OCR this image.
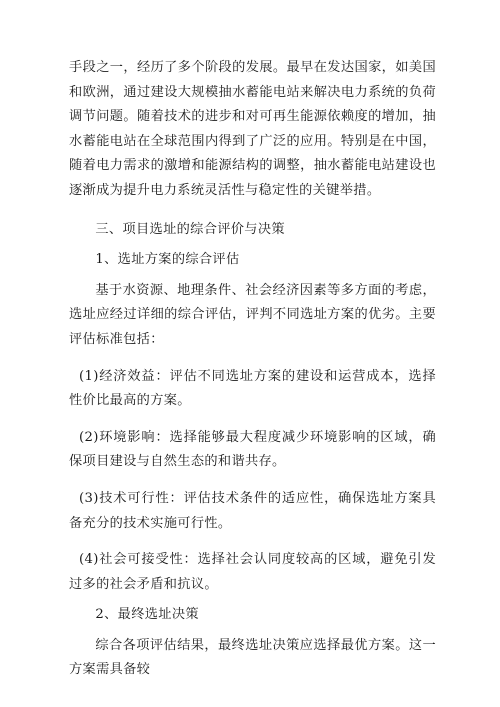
手段之一，经历了多个阶段的发展。最早在发达国家，如美国和欧洲，通过建设大规模抽水蓄能电站来解决电力系统的负荷调节问题。随着技术的进步和对可再生能源依赖度的增加，抽水蓄能电站在全球范围内得到了广泛的应用。特别是在中国，随着电力需求的激增和能源结构的调整，抽水蓄能电站建设也逐渐成为提升电力系统灵活性与稳定性的关键举措。

三、项目选址的综合评价与决策

1、选址方案的综合评估

基于水资源、地理条件、社会经济因素等多方面的考虑，选址应经过详细的综合评估，评判不同选址方案的优劣。主要评估标准包括：

(1)经济效益：评估不同选址方案的建设和运营成本，选择性价比最高的方案。

(2)环境影响：选择能够最大程度减少环境影响的区域，确保项目建设与自然生态的和谐共存。

(3)技术可行性：评估技术条件的适应性，确保选址方案具备充分的技术实施可行性。

(4)社会可接受性：选择社会认同度较高的区域，避免引发过多的社会矛盾和抗议。

2、最终选址决策

综合各项评估结果，最终选址决策应选择最优方案。这一方案需具备较
